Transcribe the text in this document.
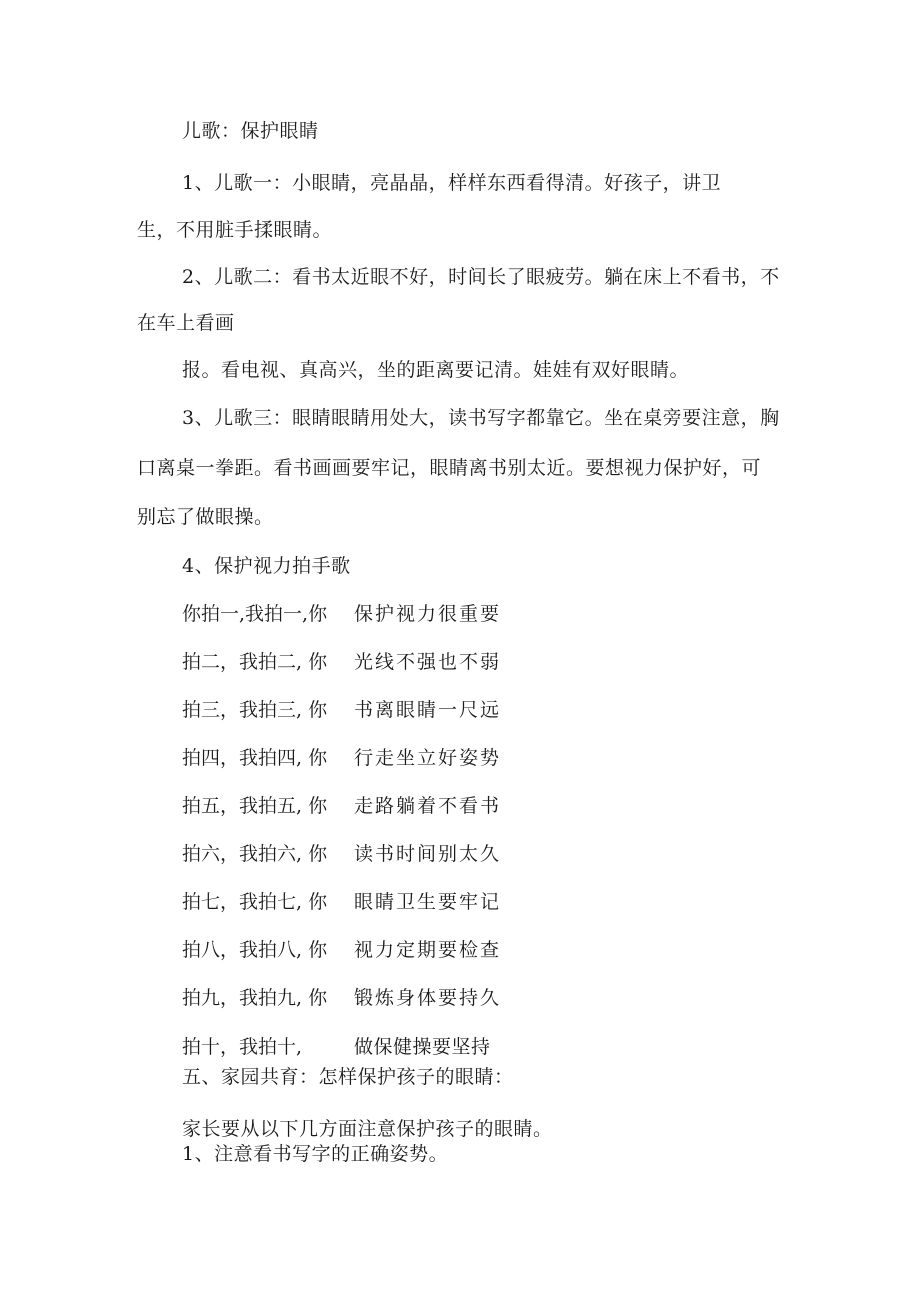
儿歌：保护眼睛
1、儿歌一：小眼睛，亮晶晶，样样东西看得清。好孩子，讲卫
生，不用脏手揉眼睛。
2、儿歌二：看书太近眼不好，时间长了眼疲劳。躺在床上不看书，不
在车上看画
报。看电视、真高兴，坐的距离要记清。娃娃有双好眼睛。
3、儿歌三：眼睛眼睛用处大，读书写字都靠它。坐在桌旁要注意，胸
口离桌一拳距。看书画画要牢记，眼睛离书别太近。要想视力保护好，可
别忘了做眼操。
4、保护视力拍手歌
你拍一,我拍一,你 保护视力很重要
拍二，我拍二, 你 光线不强也不弱
拍三，我拍三, 你 书离眼睛一尺远
拍四，我拍四, 你 行走坐立好姿势
拍五，我拍五, 你 走路躺着不看书
拍六，我拍六, 你 读书时间别太久
拍七，我拍七, 你 眼睛卫生要牢记
拍八，我拍八, 你 视力定期要检查
拍九，我拍九, 你 锻炼身体要持久
拍十，我拍十,	做保健操要坚持
五、家园共育：怎样保护孩子的眼睛：
家长要从以下几方面注意保护孩子的眼睛。
1、注意看书写字的正确姿势。
